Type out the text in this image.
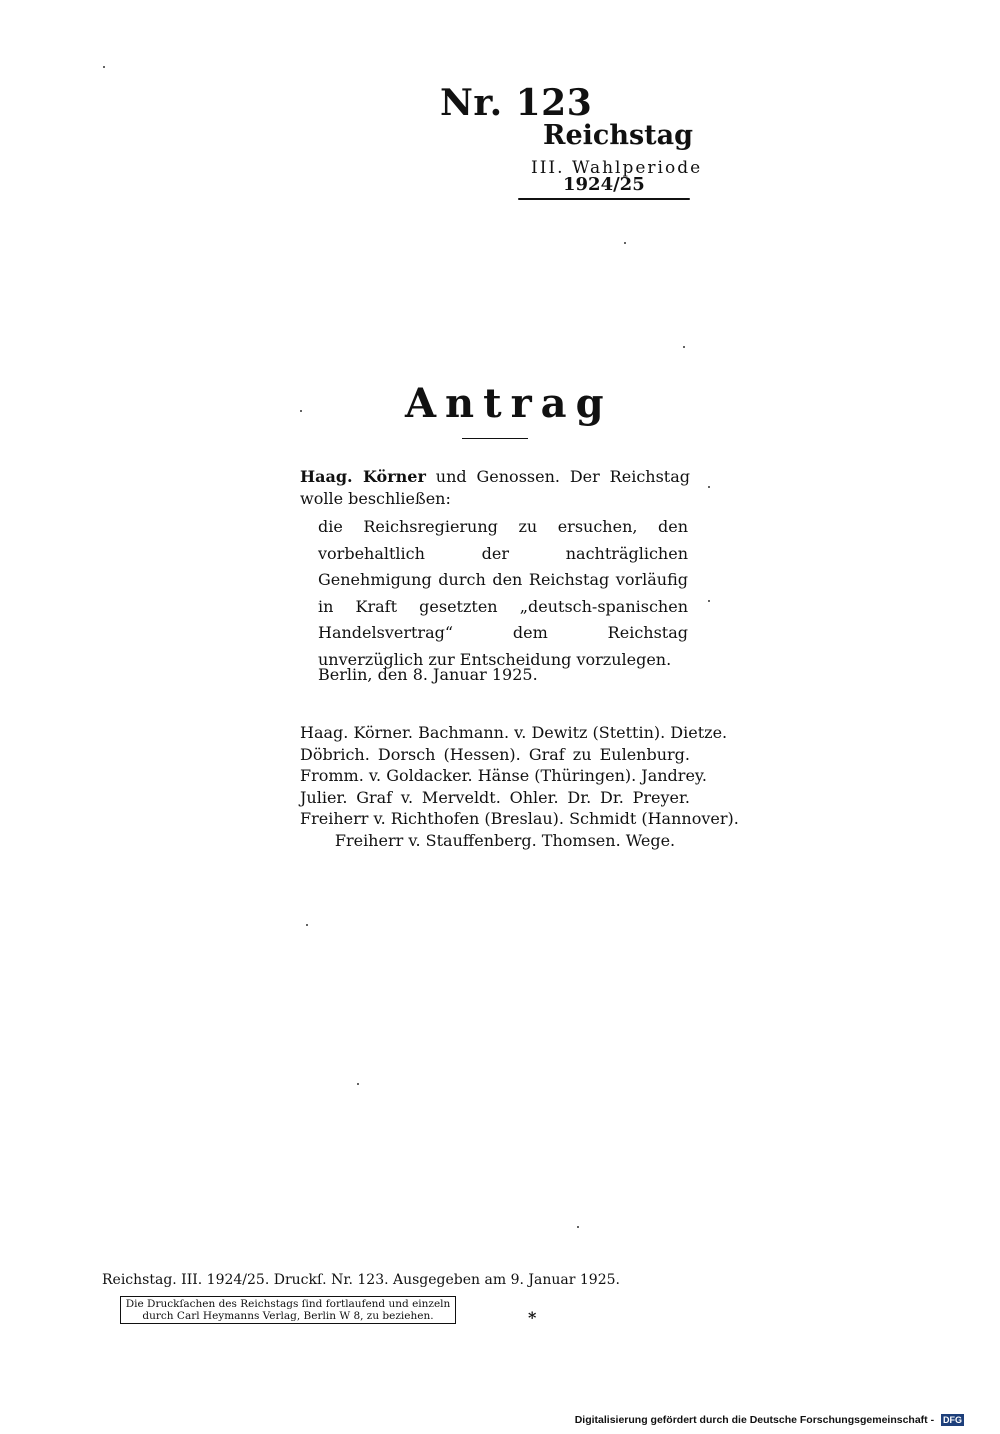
Nr. 123
Reichstag
III. Wahlperiode
1924/25
Antrag
Haag. Körner und Genossen. Der Reichstag wolle beschließen:

die Reichsregierung zu ersuchen, den vorbehaltlich der nachträglichen Genehmigung durch den Reichstag vorläufig in Kraft gesetzten „deutsch-spanischen Handelsvertrag“ dem Reichstag unverzüglich zur Entscheidung vorzulegen.

Berlin, den 8. Januar 1925.
Haag. Körner. Bachmann. v. Dewitz (Stettin). Dietze.
Döbrich. Dorsch (Hessen). Graf zu Eulenburg.
Fromm. v. Goldacker. Hänse (Thüringen). Jandrey.
Julier. Graf v. Merveldt. Ohler. Dr. Dr. Preyer.
Freiherr v. Richthofen (Breslau). Schmidt (Hannover).
Freiherr v. Stauffenberg. Thomsen. Wege.
Reichstag. III. 1924/25. Druckſ. Nr. 123. Ausgegeben am 9. Januar 1925.
Die Druckſachen des Reichstags ſind fortlaufend und einzeln
durch Carl Heymanns Verlag, Berlin W 8, zu beziehen.	*
Digitalisierung gefördert durch die Deutsche Forschungsgemeinschaft - DFG
